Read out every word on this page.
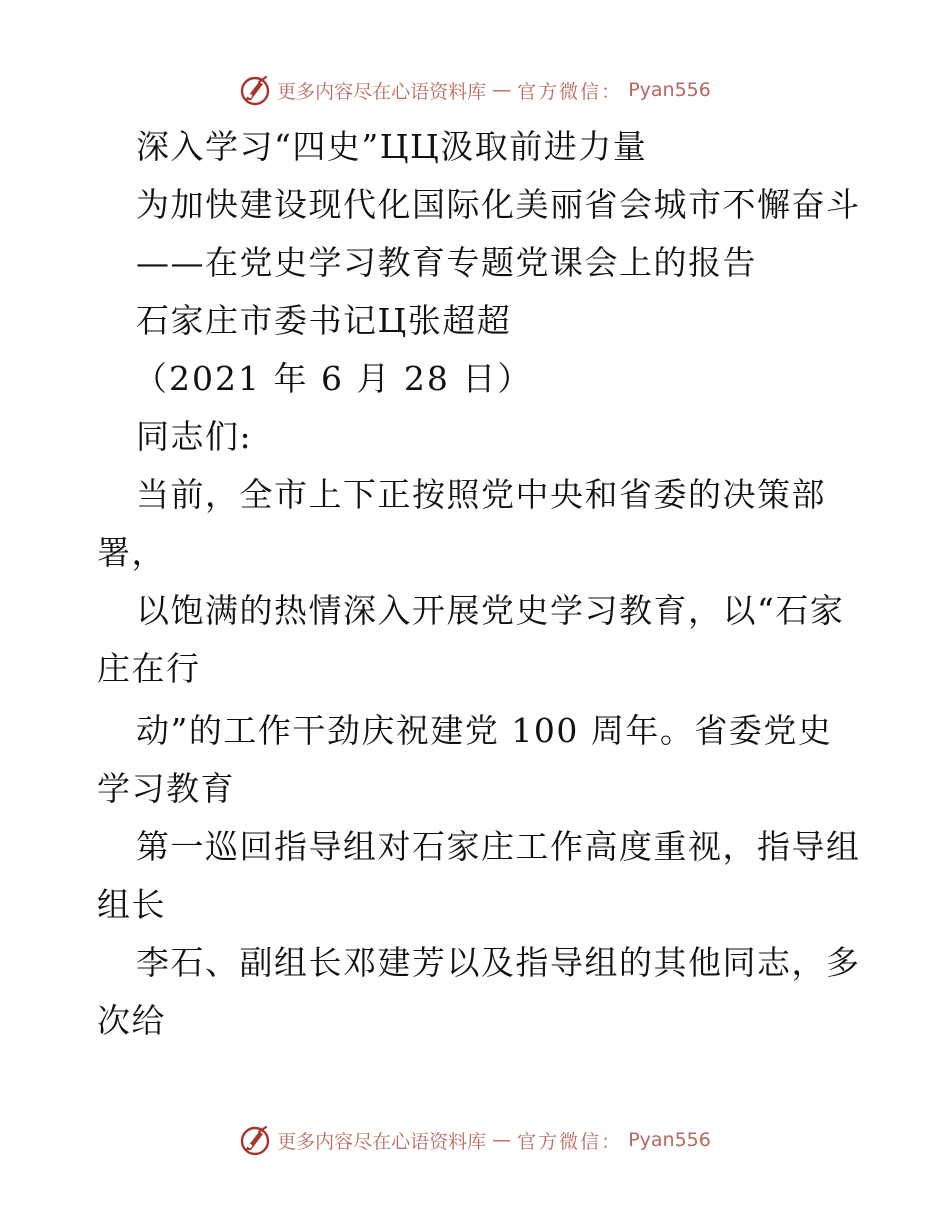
更多内容尽在心语资料库 — 官方微信： Pyan556
深入学习“四史”ЦЦ汲取前进力量
为加快建设现代化国际化美丽省会城市不懈奋斗
——在党史学习教育专题党课会上的报告
石家庄市委书记Ц张超超
（2021 年 6 月 28 日）
同志们:
当前，全市上下正按照党中央和省委的决策部
署，
以饱满的热情深入开展党史学习教育，以“石家
庄在行
动”的工作干劲庆祝建党 100 周年。省委党史
学习教育
第一巡回指导组对石家庄工作高度重视，指导组
组长
李石、副组长邓建芳以及指导组的其他同志，多
次给
更多内容尽在心语资料库 — 官方微信： Pyan556
